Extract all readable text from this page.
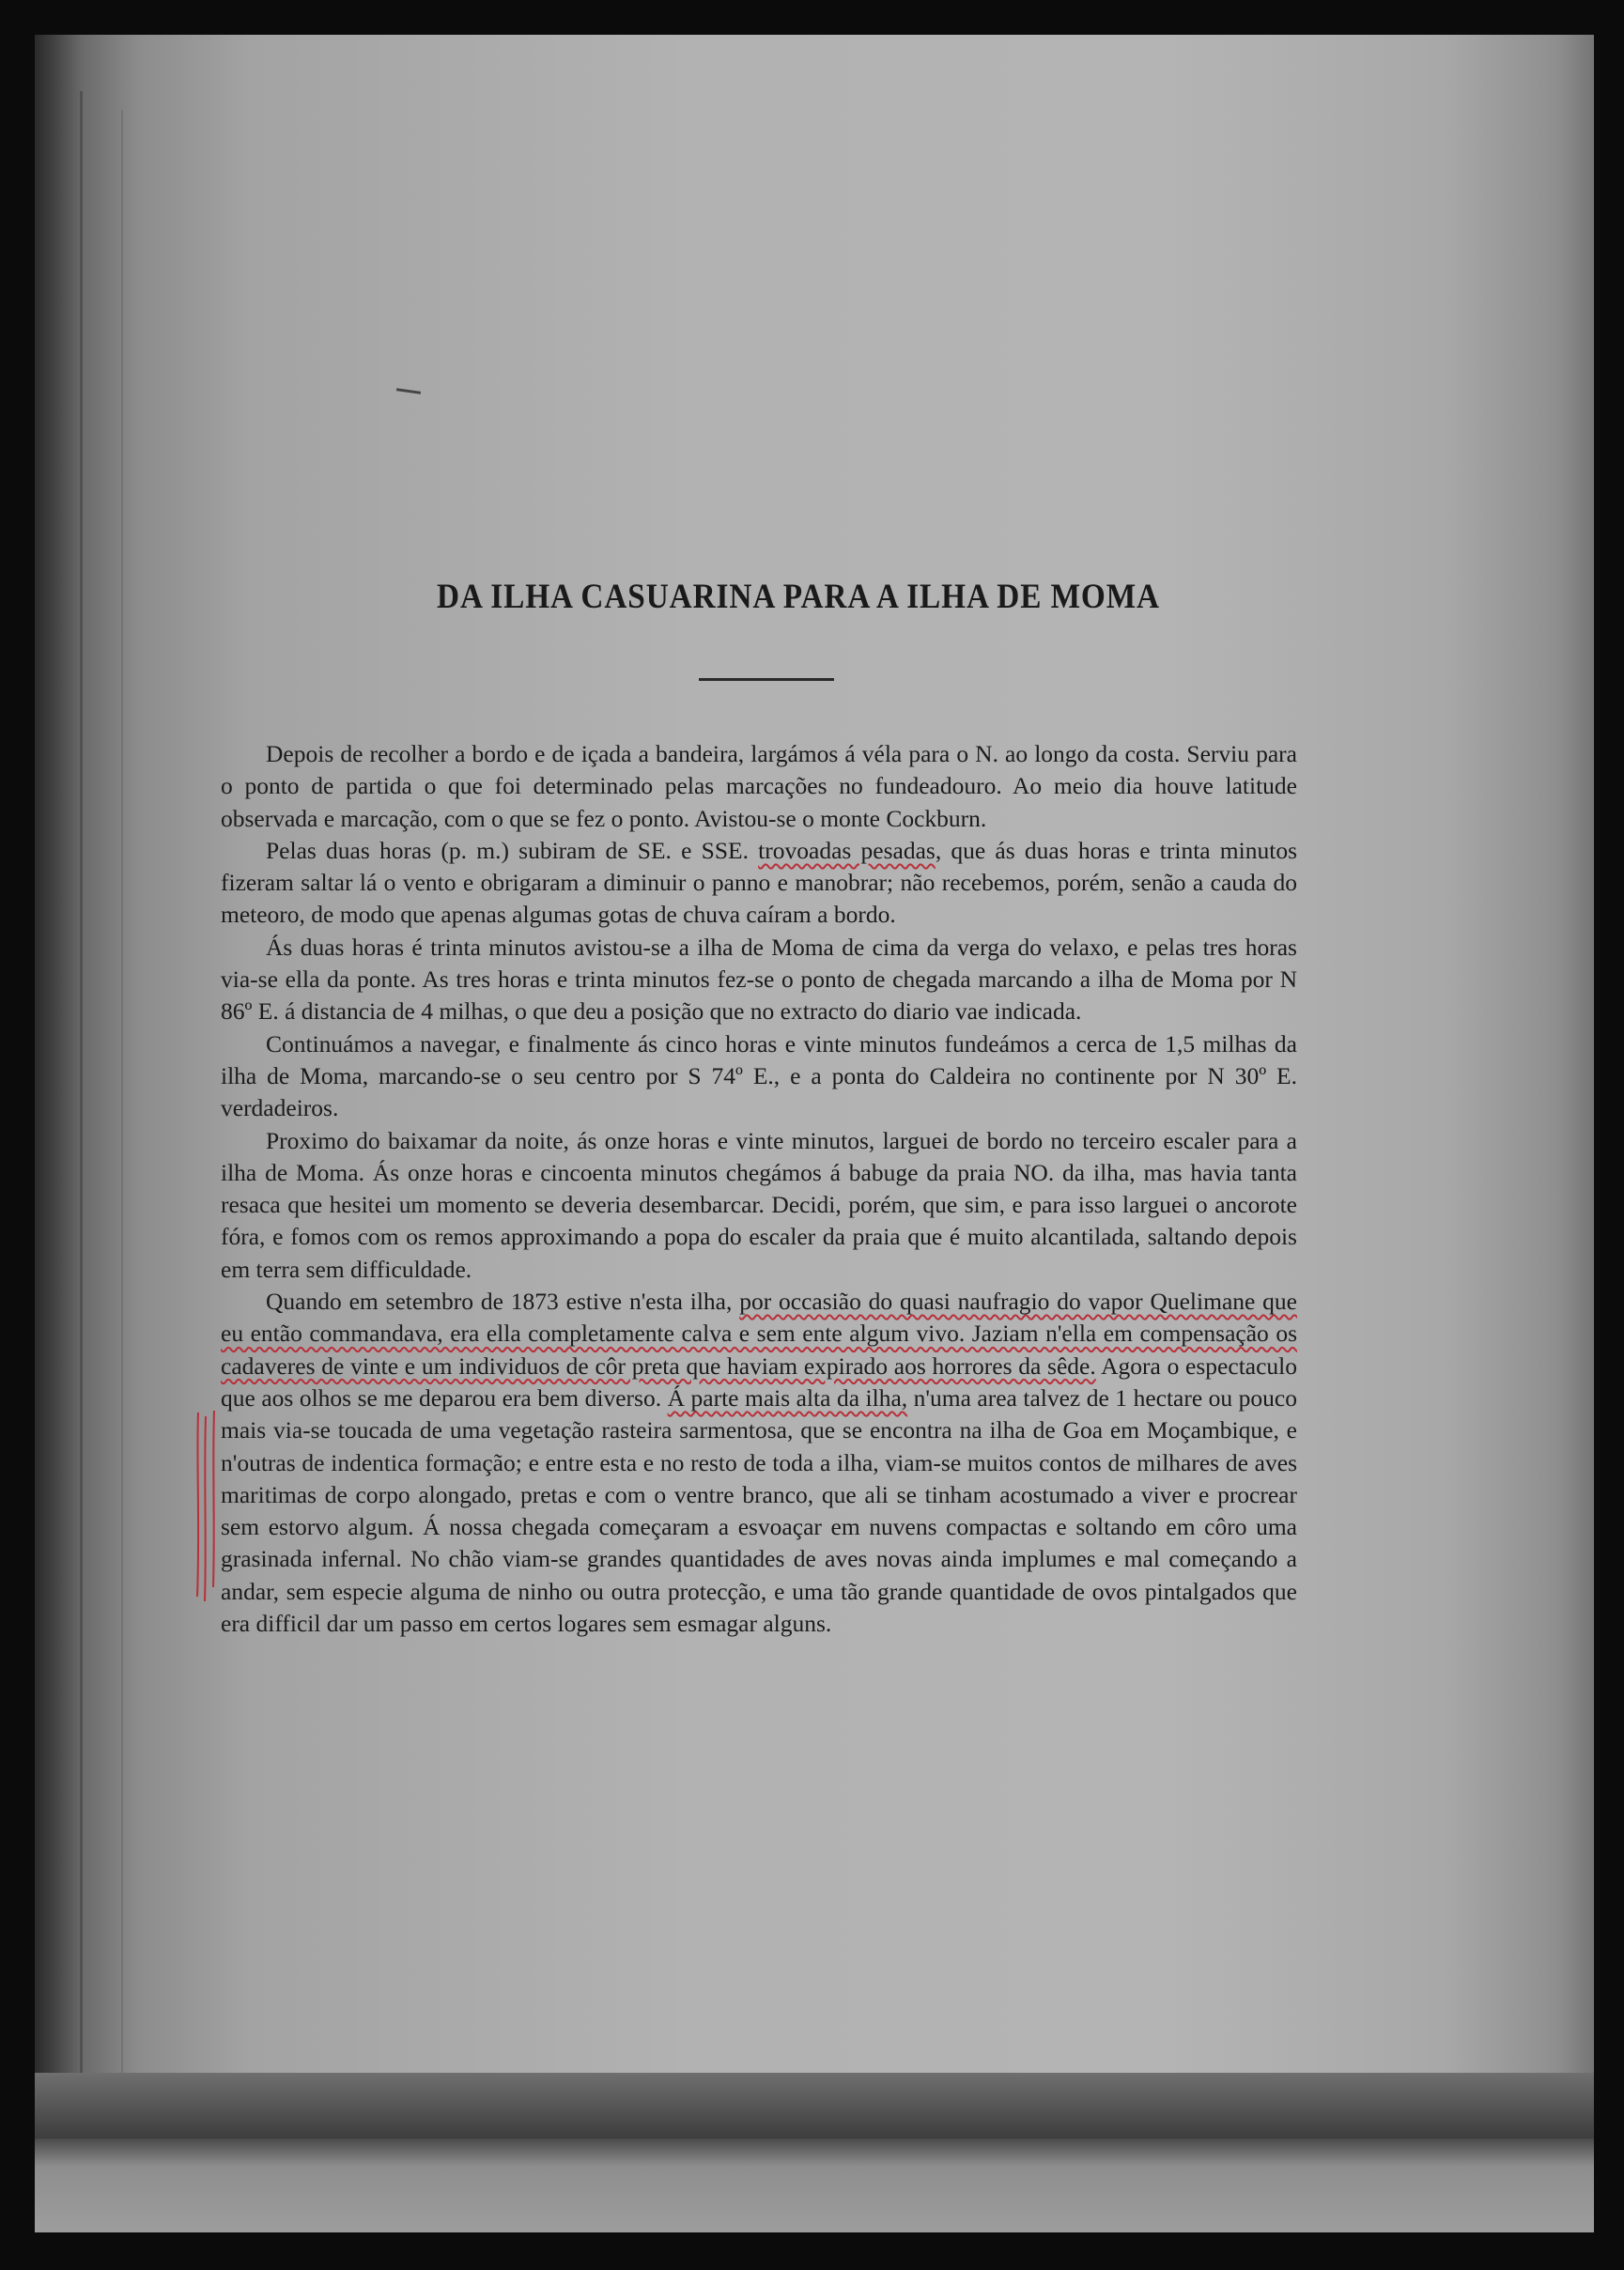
DA ILHA CASUARINA PARA A ILHA DE MOMA

Depois de recolher a bordo e de içada a bandeira, largámos á véla para o N. ao longo da costa. Serviu para o ponto de partida o que foi determinado pelas marcações no fundeadouro. Ao meio dia houve latitude observada e marcação, com o que se fez o ponto. Avistou-se o monte Cockburn.

Pelas duas horas (p. m.) subiram de SE. e SSE. trovoadas pesadas, que ás duas horas e trinta minutos fizeram saltar lá o vento e obrigaram a diminuir o panno e manobrar; não recebemos, porém, senão a cauda do meteoro, de modo que apenas algumas gotas de chuva caíram a bordo.

Ás duas horas é trinta minutos avistou-se a ilha de Moma de cima da verga do velaxo, e pelas tres horas via-se ella da ponte. As tres horas e trinta minutos fez-se o ponto de chegada marcando a ilha de Moma por N 86º E. á distancia de 4 milhas, o que deu a posição que no extracto do diario vae indicada.

Continuámos a navegar, e finalmente ás cinco horas e vinte minutos fundeámos a cerca de 1,5 milhas da ilha de Moma, marcando-se o seu centro por S 74º E., e a ponta do Caldeira no continente por N 30º E. verdadeiros.

Proximo do baixamar da noite, ás onze horas e vinte minutos, larguei de bordo no terceiro escaler para a ilha de Moma. Ás onze horas e cincoenta minutos chegámos á babuge da praia NO. da ilha, mas havia tanta resaca que hesitei um momento se deveria desembarcar. Decidi, porém, que sim, e para isso larguei o ancorote fóra, e fomos com os remos approximando a popa do escaler da praia que é muito alcantilada, saltando depois em terra sem difficuldade.

Quando em setembro de 1873 estive n'esta ilha, por occasião do quasi naufragio do vapor Quelimane que eu então commandava, era ella completamente calva e sem ente algum vivo. Jaziam n'ella em compensação os cadaveres de vinte e um individuos de côr preta que haviam expirado aos horrores da sêde. Agora o espectaculo que aos olhos se me deparou era bem diverso. Á parte mais alta da ilha, n'uma area talvez de 1 hectare ou pouco mais via-se toucada de uma vegetação rasteira sarmentosa, que se encontra na ilha de Goa em Moçambique, e n'outras de indentica formação; e entre esta e no resto de toda a ilha, viam-se muitos contos de milhares de aves maritimas de corpo alongado, pretas e com o ventre branco, que ali se tinham acostumado a viver e procrear sem estorvo algum. Á nossa chegada começaram a esvoaçar em nuvens compactas e soltando em côro uma grasinada infernal. No chão viam-se grandes quantidades de aves novas ainda implumes e mal começando a andar, sem especie alguma de ninho ou outra protecção, e uma tão grande quantidade de ovos pintalgados que era difficil dar um passo em certos logares sem esmagar alguns.
